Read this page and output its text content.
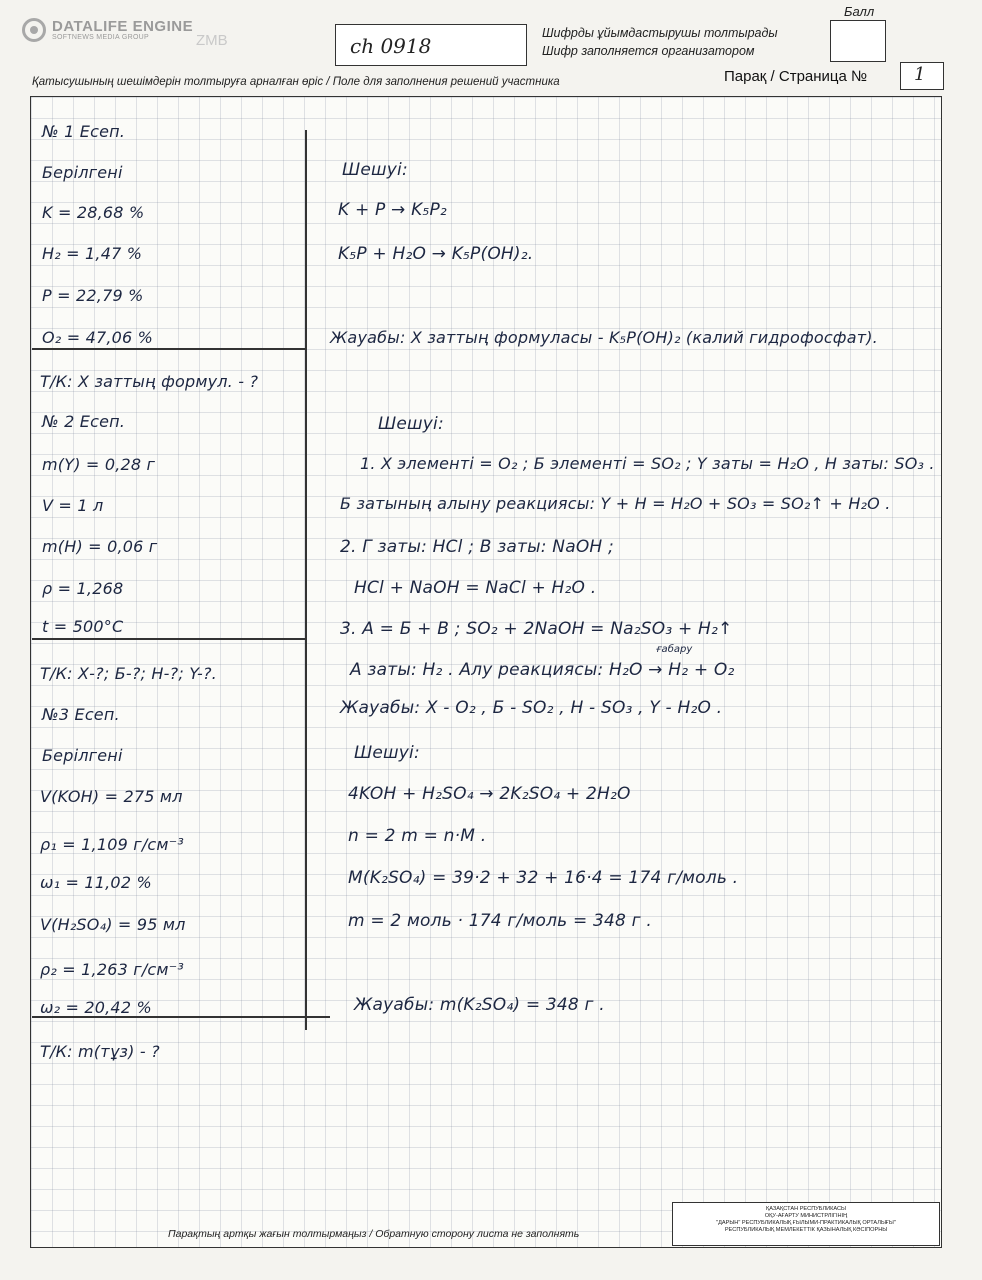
DATALIFE ENGINE
SOFTNEWS MEDIA GROUP	ZMB	ch 0918
Шифрды ұйымдастырушы толтырады
Шифр заполняется организатором
Балл
Қатысушының шешімдерін толтыруға арналған өріс / Поле для заполнения решений участника	Парақ / Страница №	1
№ 1 Есеп.
Берілгені
K = 28,68 %
H₂ = 1,47 %
P = 22,79 %
O₂ = 47,06 %
Т/К: Х заттың формул. - ?
№ 2 Есеп.
m(Y) = 0,28 г
V = 1 л
m(Н) = 0,06 г
ρ = 1,268
t = 500°C
Т/К: Х-?; Б-?; Н-?; Y-?.
№3 Есеп.
Берілгені
V(KOH) = 275 мл
ρ₁ = 1,109 г/см⁻³
ω₁ = 11,02 %
V(H₂SO₄) = 95 мл
ρ₂ = 1,263 г/см⁻³
ω₂ = 20,42 %
Т/К: m(тұз) - ?
Шешуі:
K + P → K₅P₂
K₅P + H₂O → K₅P(OH)₂.
Жауабы: X заттың формуласы - K₅P(OH)₂ (калий гидрофосфат).
Шешуі:
1. X элементі = O₂ ; Б элементі = SO₂ ; Y заты = H₂O , Н заты: SO₃ .
Б затының алыну реакциясы: Y + Н = H₂O + SO₃ = SO₂↑ + H₂O .
2. Г заты: HCl ; В заты: NaOH ;
HCl + NaOH = NaCl + H₂O .
3. А = Б + В ; SO₂ + 2NaOH = Na₂SO₃ + H₂↑
А заты: H₂ . Алу реакциясы: H₂O → H₂ + O₂
ғабару
Жауабы: X - O₂ , Б - SO₂ , Н - SO₃ , Y - H₂O .
Шешуі:
4KOH + H₂SO₄ → 2K₂SO₄ + 2H₂O
n = 2 m = n·M .
M(K₂SO₄) = 39·2 + 32 + 16·4 = 174 г/моль .
m = 2 моль · 174 г/моль = 348 г .
Жауабы: m(K₂SO₄) = 348 г .
Парақтың артқы жағын толтырмаңыз / Обратную сторону листа не заполнять
ҚАЗАҚСТАН РЕСПУБЛИКАСЫ
ОҚУ-АҒАРТУ МИНИСТРЛІГІНІҢ
"ДАРЫН" РЕСПУБЛИКАЛЫҚ ҒЫЛЫМИ-ПРАКТИКАЛЫҚ ОРТАЛЫҒЫ"
РЕСПУБЛИКАЛЫҚ МЕМЛЕКЕТТІК ҚАЗЫНАЛЫҚ КӘСІПОРНЫ
